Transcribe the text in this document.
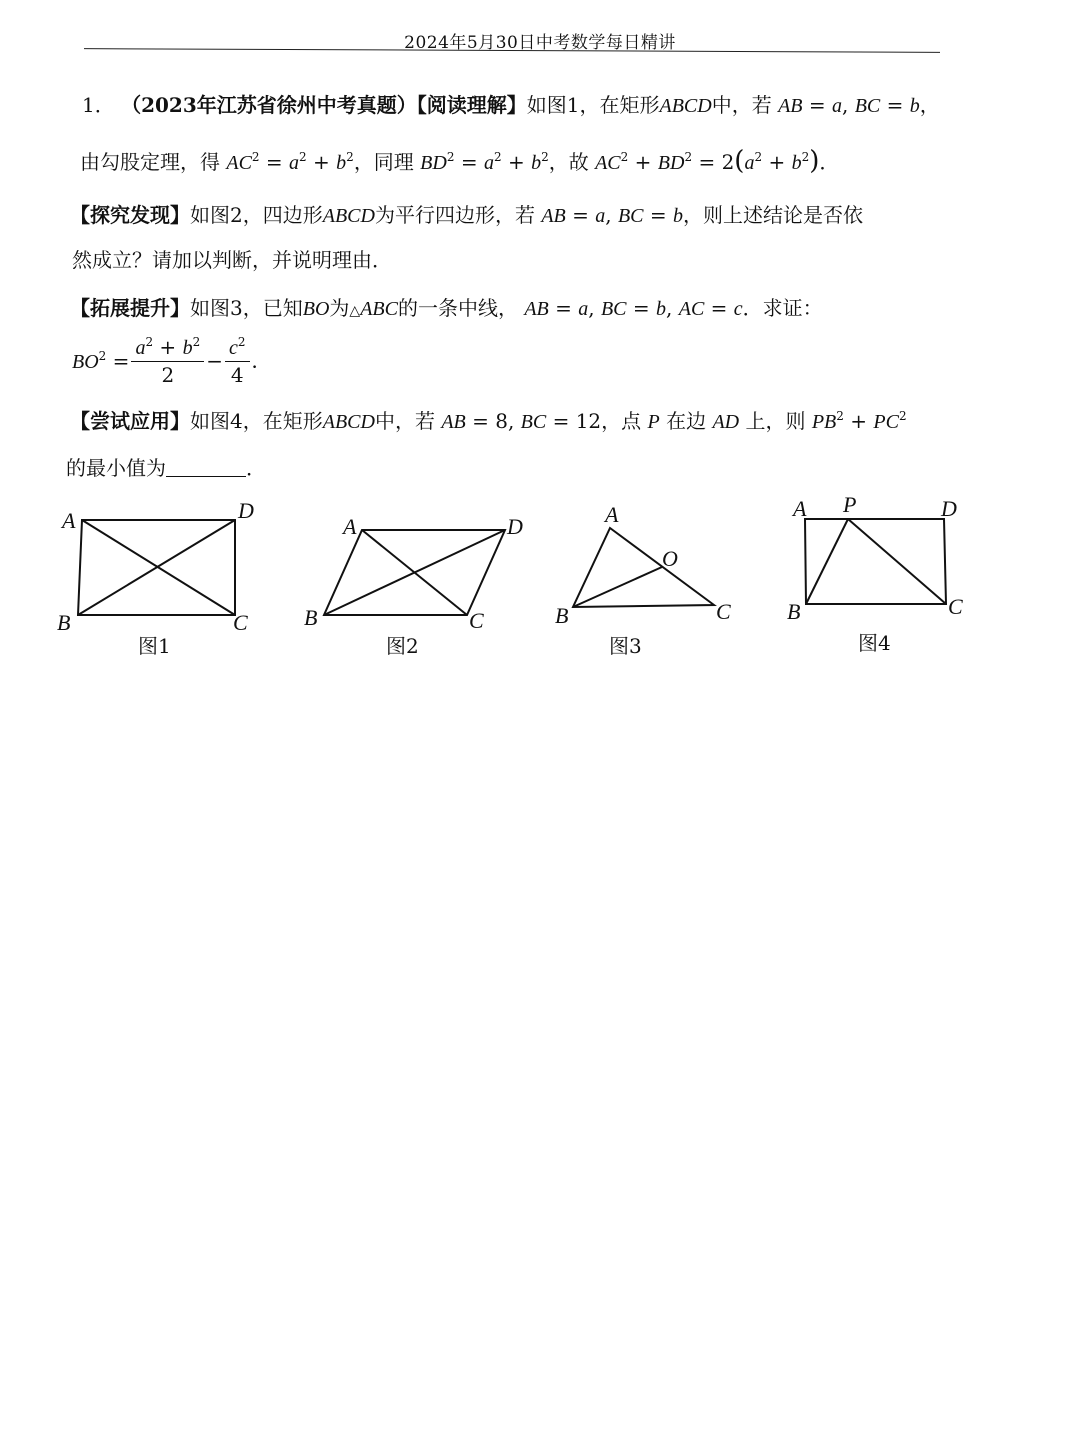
2024年5月30日中考数学每日精讲
1． （2023年江苏省徐州中考真题）【阅读理解】如图1，在矩形ABCD中，若 AB = a, BC = b，
由勾股定理，得 $AC^2 = a^2 + b^2$，同理 $BD^2 = a^2 + b^2$，故 $AC^2 + BD^2 = 2(a^2 + b^2)$．
【探究发现】如图2，四边形ABCD为平行四边形，若 AB = a, BC = b，则上述结论是否依
然成立？请加以判断，并说明理由．
【拓展提升】如图3，已知BO为△ABC的一条中线， AB = a, BC = b, AC = c．求证：
$BO^2 = \frac{a^2 + b^2}{2} - \frac{c^2}{4}$ ．
【尝试应用】如图4，在矩形ABCD中，若 AB = 8, BC = 12，点 P 在边 AD 上，则 $PB^2 + PC^2$
的最小值为	．
A	D
B	C
图1
A	D
B	C
图2
A
O
B	C
图3
A P	D
B	C
图4
